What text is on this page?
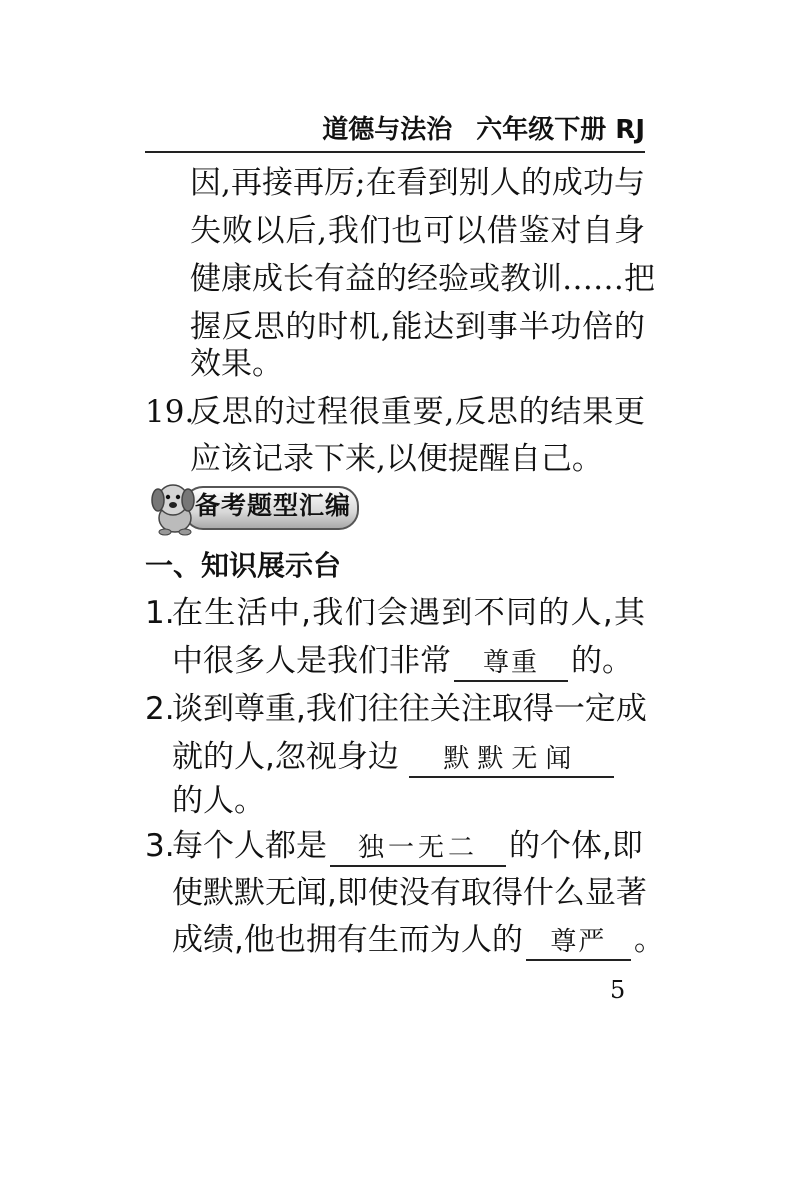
道德与法治 六年级下册 RJ
因,再接再厉;在看到别人的成功与
失败以后,我们也可以借鉴对自身
健康成长有益的经验或教训……把
握反思的时机,能达到事半功倍的
效果。
19.
反思的过程很重要,反思的结果更
应该记录下来,以便提醒自己。
备考题型汇编
一、知识展示台
1.
在生活中,我们会遇到不同的人,其
中很多人是我们非常 尊重 的。
2.
谈到尊重,我们往往关注取得一定成
就的人,忽视身边 默默无闻
的人。
3.
每个人都是 独一无二 的个体,即
使默默无闻,即使没有取得什么显著
成绩,他也拥有生而为人的 尊严 。
5
